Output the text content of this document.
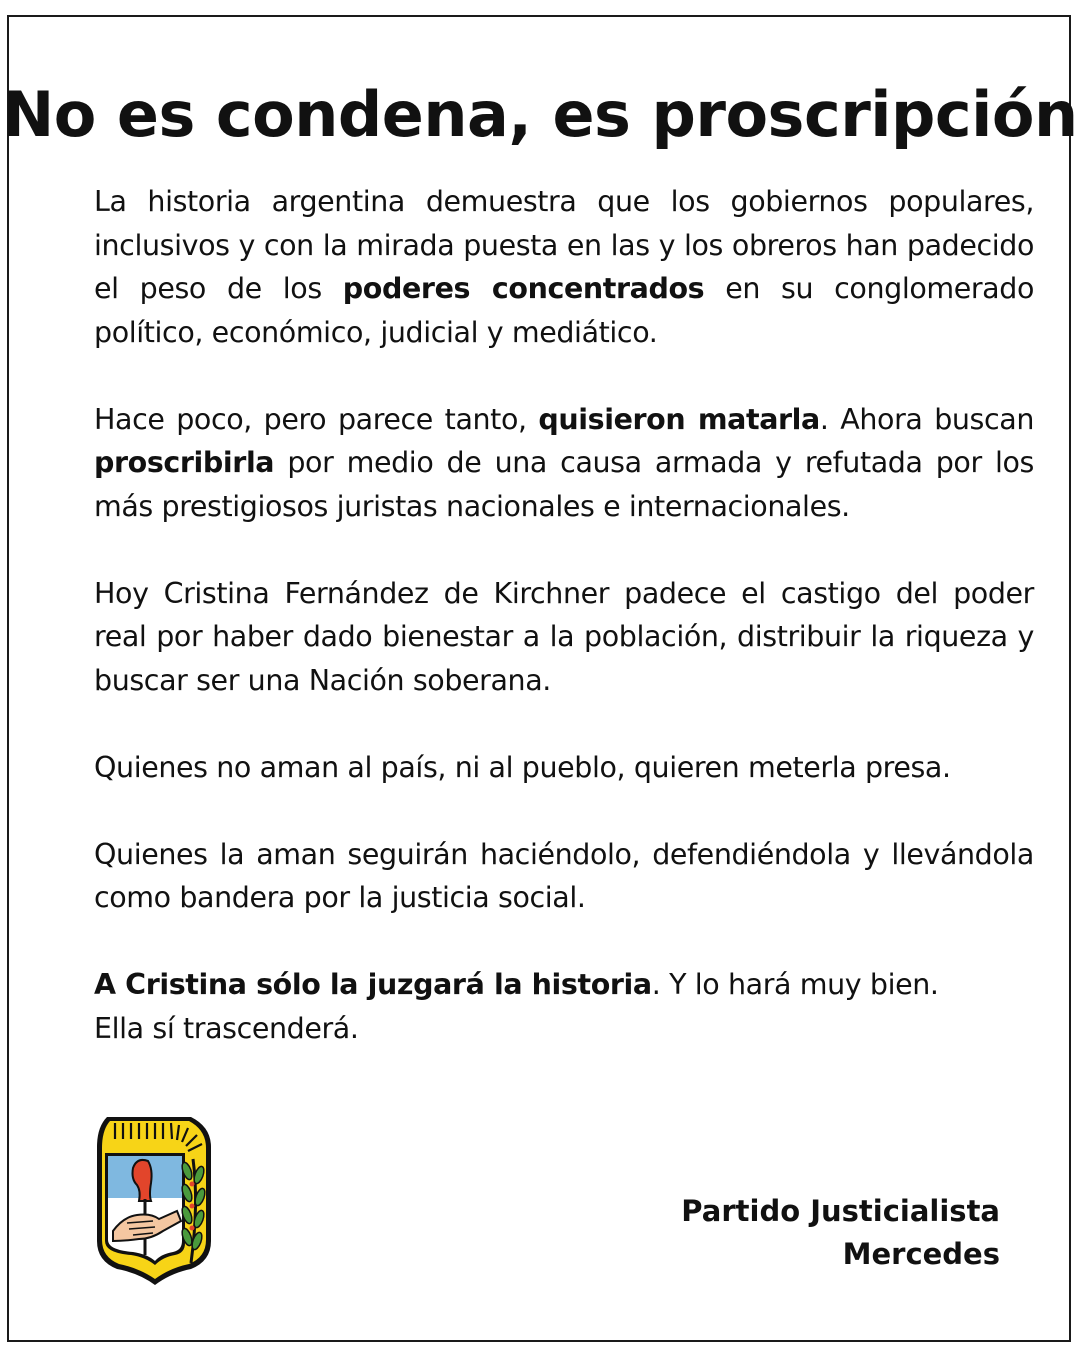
No es condena, es proscripción

La historia argentina demuestra que los gobiernos populares, inclusivos y con la mirada puesta en las y los obreros han padecido el peso de los poderes concentrados en su conglomerado político, económico, judicial y mediático.

Hace poco, pero parece tanto, quisieron matarla. Ahora buscan proscribirla por medio de una causa armada y refutada por los más prestigiosos juristas nacionales e internacionales.

Hoy Cristina Fernández de Kirchner padece el castigo del poder real por haber dado bienestar a la población, distribuir la riqueza y buscar ser una Nación soberana.

Quienes no aman al país, ni al pueblo, quieren meterla presa.

Quienes la aman seguirán haciéndolo, defendiéndola y llevándola como bandera por la justicia social.

A Cristina sólo la juzgará la historia. Y lo hará muy bien.
Ella sí trascenderá.

Partido Justicialista
Mercedes
